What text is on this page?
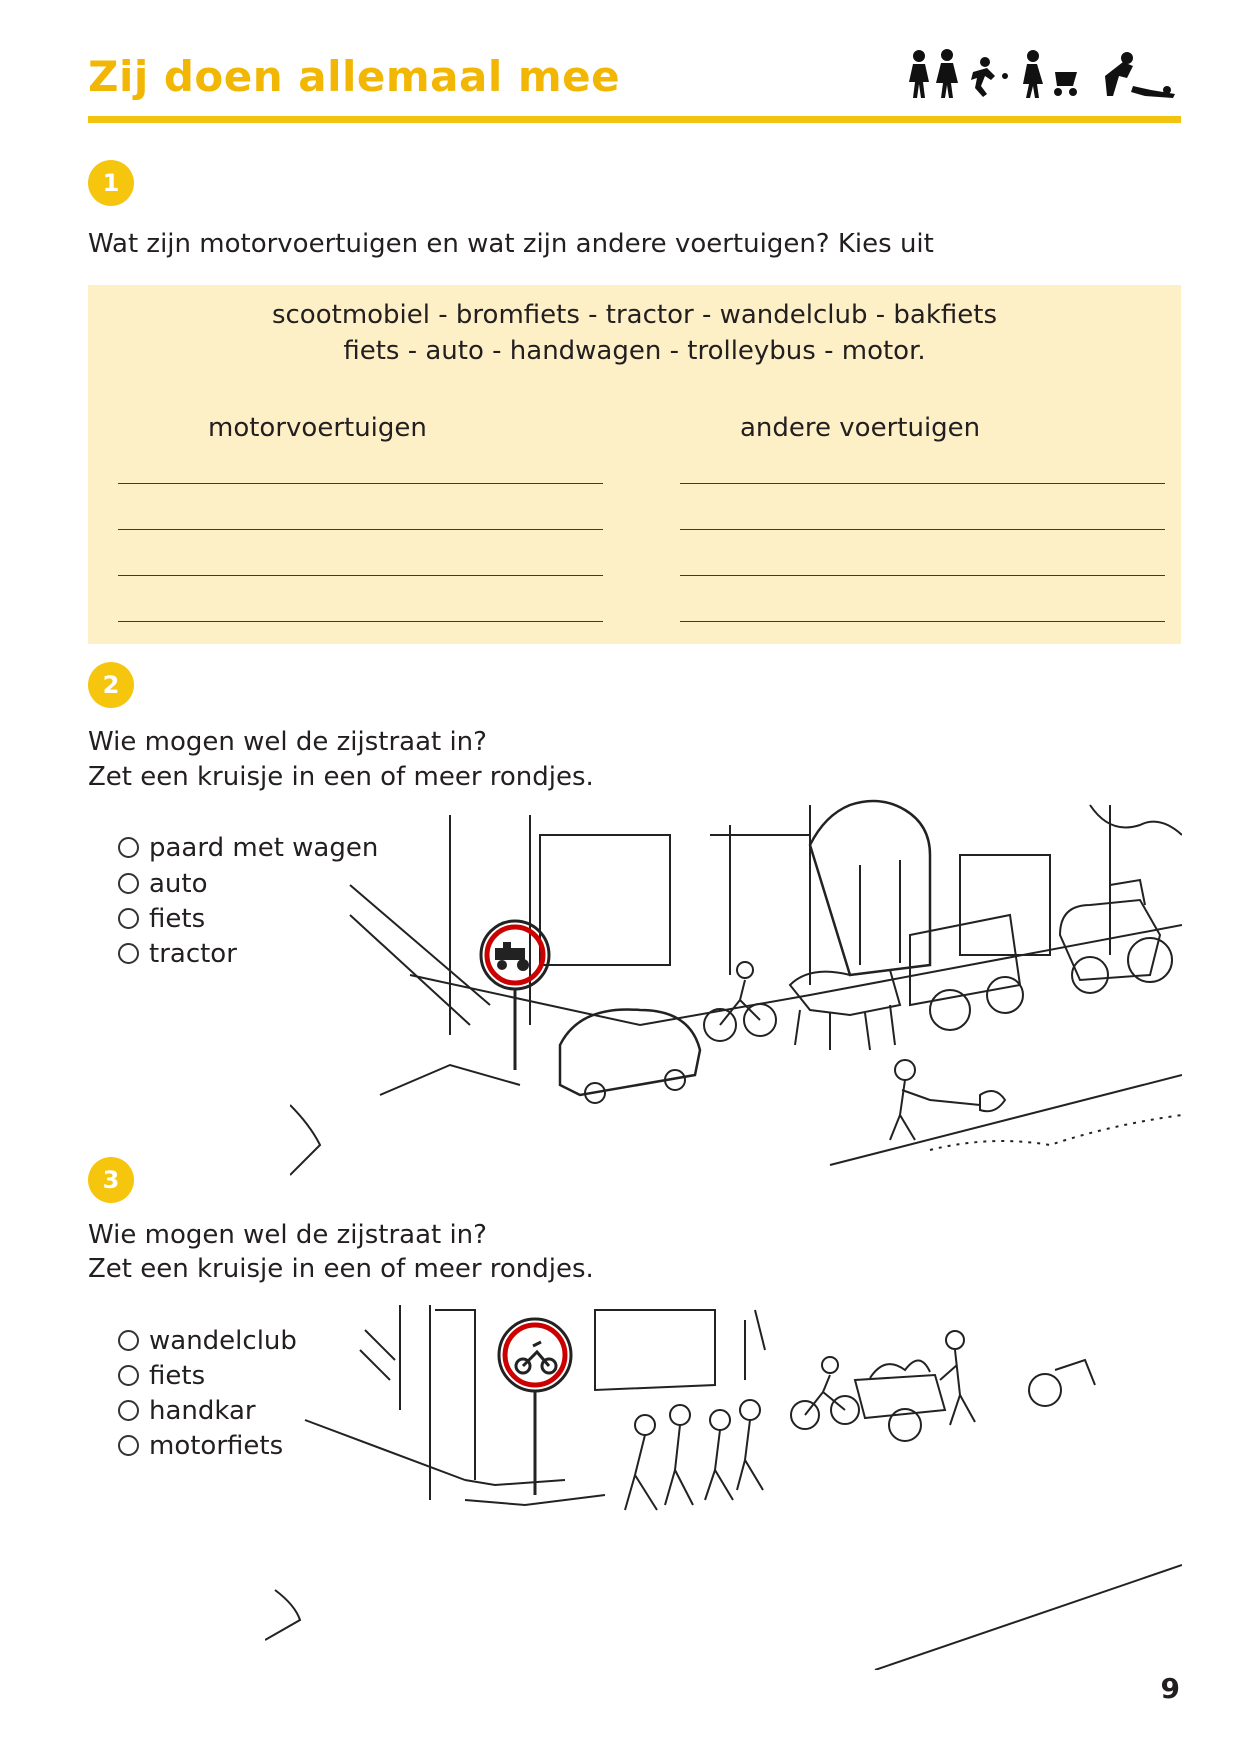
Zij doen allemaal mee
1
Wat zijn motorvoertuigen en wat zijn andere voertuigen? Kies uit
scootmobiel - bromfiets - tractor - wandelclub - bakfiets
fiets - auto - handwagen - trolleybus - motor.
motorvoertuigen	andere voertuigen
2
Wie mogen wel de zijstraat in?
Zet een kruisje in een of meer rondjes.
paard met wagen
auto
fiets
tractor
3
Wie mogen wel de zijstraat in?
Zet een kruisje in een of meer rondjes.
wandelclub
fiets
handkar
motorfiets
9
